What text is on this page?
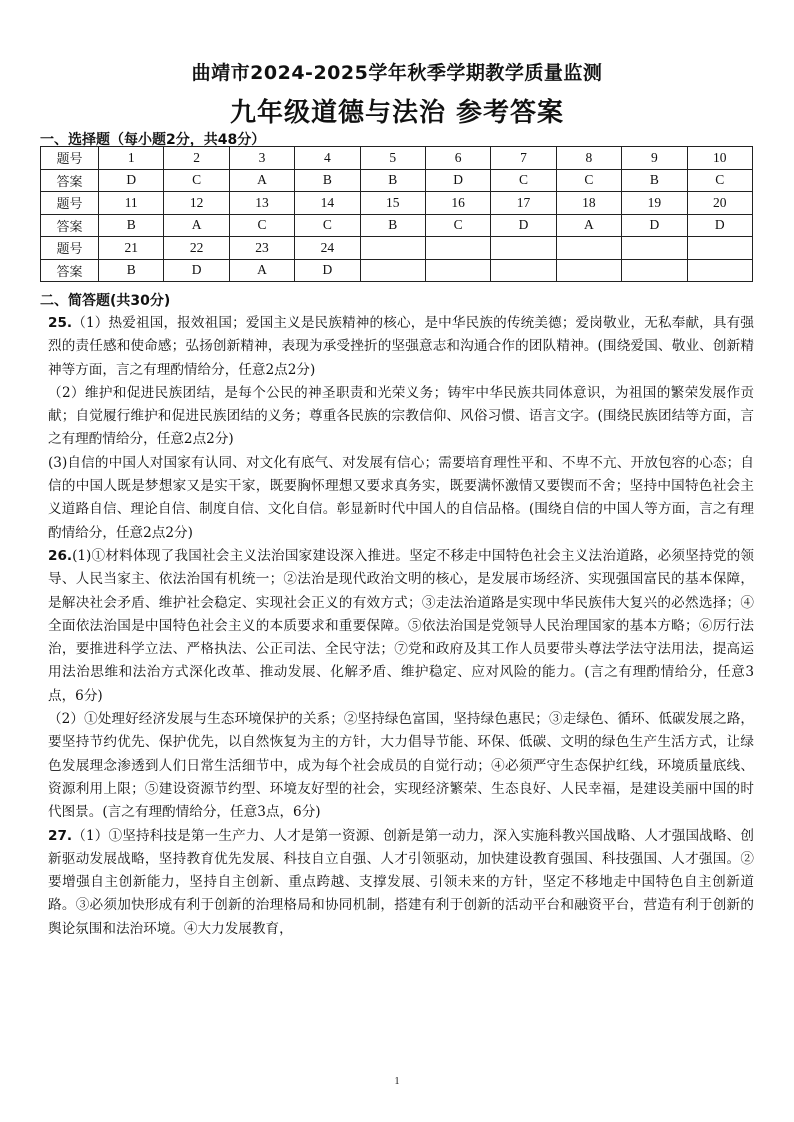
曲靖市2024-2025学年秋季学期教学质量监测
九年级道德与法治 参考答案
一、选择题（每小题2分，共48分）
题号	1	2	3	4	5	6	7	8	9	10
答案	D	C	A	B	B	D	C	C	B	C
题号	11	12	13	14	15	16	17	18	19	20
答案	B	A	C	C	B	C	D	A	D	D
题号	21	22	23	24						
答案	B	D	A	D						
二、简答题(共30分)

25.（1）热爱祖国，报效祖国；爱国主义是民族精神的核心，是中华民族的传统美德；爱岗敬业，无私奉献，具有强烈的责任感和使命感；弘扬创新精神，表现为承受挫折的坚强意志和沟通合作的团队精神。(围绕爱国、敬业、创新精神等方面，言之有理酌情给分，任意2点2分)

（2）维护和促进民族团结，是每个公民的神圣职责和光荣义务；铸牢中华民族共同体意识，为祖国的繁荣发展作贡献；自觉履行维护和促进民族团结的义务；尊重各民族的宗教信仰、风俗习惯、语言文字。(围绕民族团结等方面，言之有理酌情给分，任意2点2分)

(3)自信的中国人对国家有认同、对文化有底气、对发展有信心；需要培育理性平和、不卑不亢、开放包容的心态；自信的中国人既是梦想家又是实干家，既要胸怀理想又要求真务实，既要满怀激情又要锲而不舍；坚持中国特色社会主义道路自信、理论自信、制度自信、文化自信。彰显新时代中国人的自信品格。(围绕自信的中国人等方面，言之有理酌情给分，任意2点2分)

26.(1)①材料体现了我国社会主义法治国家建设深入推进。坚定不移走中国特色社会主义法治道路，必须坚持党的领导、人民当家主、依法治国有机统一；②法治是现代政治文明的核心，是发展市场经济、实现强国富民的基本保障，是解决社会矛盾、维护社会稳定、实现社会正义的有效方式；③走法治道路是实现中华民族伟大复兴的必然选择；④全面依法治国是中国特色社会主义的本质要求和重要保障。⑤依法治国是党领导人民治理国家的基本方略；⑥厉行法治，要推进科学立法、严格执法、公正司法、全民守法；⑦党和政府及其工作人员要带头尊法学法守法用法，提高运用法治思维和法治方式深化改革、推动发展、化解矛盾、维护稳定、应对风险的能力。(言之有理酌情给分，任意3点，6分)

（2）①处理好经济发展与生态环境保护的关系；②坚持绿色富国，坚持绿色惠民；③走绿色、循环、低碳发展之路，要坚持节约优先、保护优先，以自然恢复为主的方针，大力倡导节能、环保、低碳、文明的绿色生产生活方式，让绿色发展理念渗透到人们日常生活细节中，成为每个社会成员的自觉行动；④必须严守生态保护红线，环境质量底线、资源利用上限；⑤建设资源节约型、环境友好型的社会，实现经济繁荣、生态良好、人民幸福，是建设美丽中国的时代图景。(言之有理酌情给分，任意3点，6分)

27.（1）①坚持科技是第一生产力、人才是第一资源、创新是第一动力，深入实施科教兴国战略、人才强国战略、创新驱动发展战略，坚持教育优先发展、科技自立自强、人才引领驱动，加快建设教育强国、科技强国、人才强国。②要增强自主创新能力，坚持自主创新、重点跨越、支撑发展、引领未来的方针，坚定不移地走中国特色自主创新道路。③必须加快形成有利于创新的治理格局和协同机制，搭建有利于创新的活动平台和融资平台，营造有利于创新的舆论氛围和法治环境。④大力发展教育，

1
